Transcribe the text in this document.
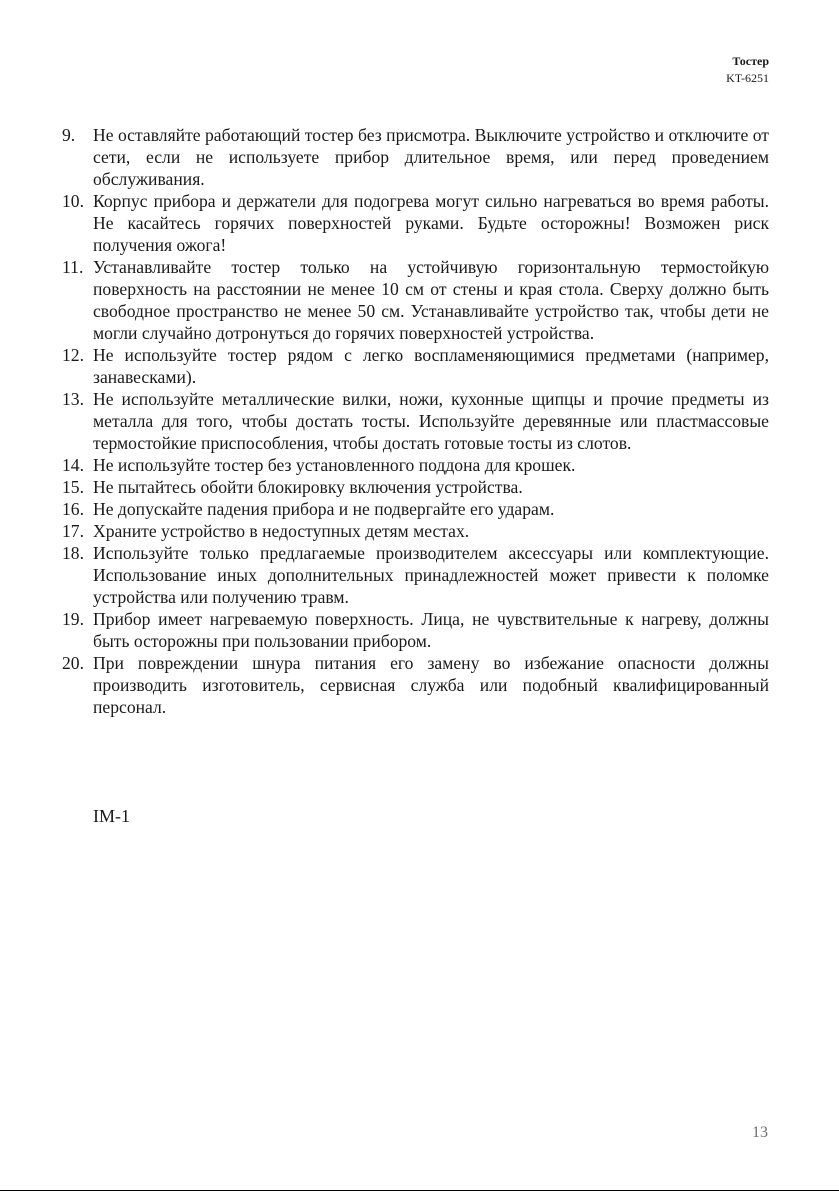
Тостер
KT-6251
9.	Не оставляйте работающий тостер без присмотра. Выключите устройство и отключите от сети, если не используете прибор длительное время, или перед проведением обслуживания.
10. Корпус прибора и держатели для подогрева могут сильно нагреваться во время работы. Не касайтесь горячих поверхностей руками. Будьте осторожны! Возможен риск получения ожога!
11. Устанавливайте тостер только на устойчивую горизонтальную термостойкую поверхность на расстоянии не менее 10 см от стены и края стола. Сверху должно быть свободное пространство не менее 50 см. Устанавливайте устройство так, чтобы дети не могли случайно дотронуться до горячих поверхностей устройства.
12. Не используйте тостер рядом с легко воспламеняющимися предметами (например, занавесками).
13. Не используйте металлические вилки, ножи, кухонные щипцы и прочие предметы из металла для того, чтобы достать тосты. Используйте деревянные или пластмассовые термостойкие приспособления, чтобы достать готовые тосты из слотов.
14. Не используйте тостер без установленного поддона для крошек.
15. Не пытайтесь обойти блокировку включения устройства.
16. Не допускайте падения прибора и не подвергайте его ударам.
17. Храните устройство в недоступных детям местах.
18. Используйте только предлагаемые производителем аксессуары или комплектующие. Использование иных дополнительных принадлежностей может привести к поломке устройства или получению травм.
19. Прибор имеет нагреваемую поверхность. Лица, не чувствительные к нагреву, должны быть осторожны при пользовании прибором.
20. При повреждении шнура питания его замену во избежание опасности должны производить изготовитель, сервисная служба или подобный квалифицированный персонал.
IM-1
13
